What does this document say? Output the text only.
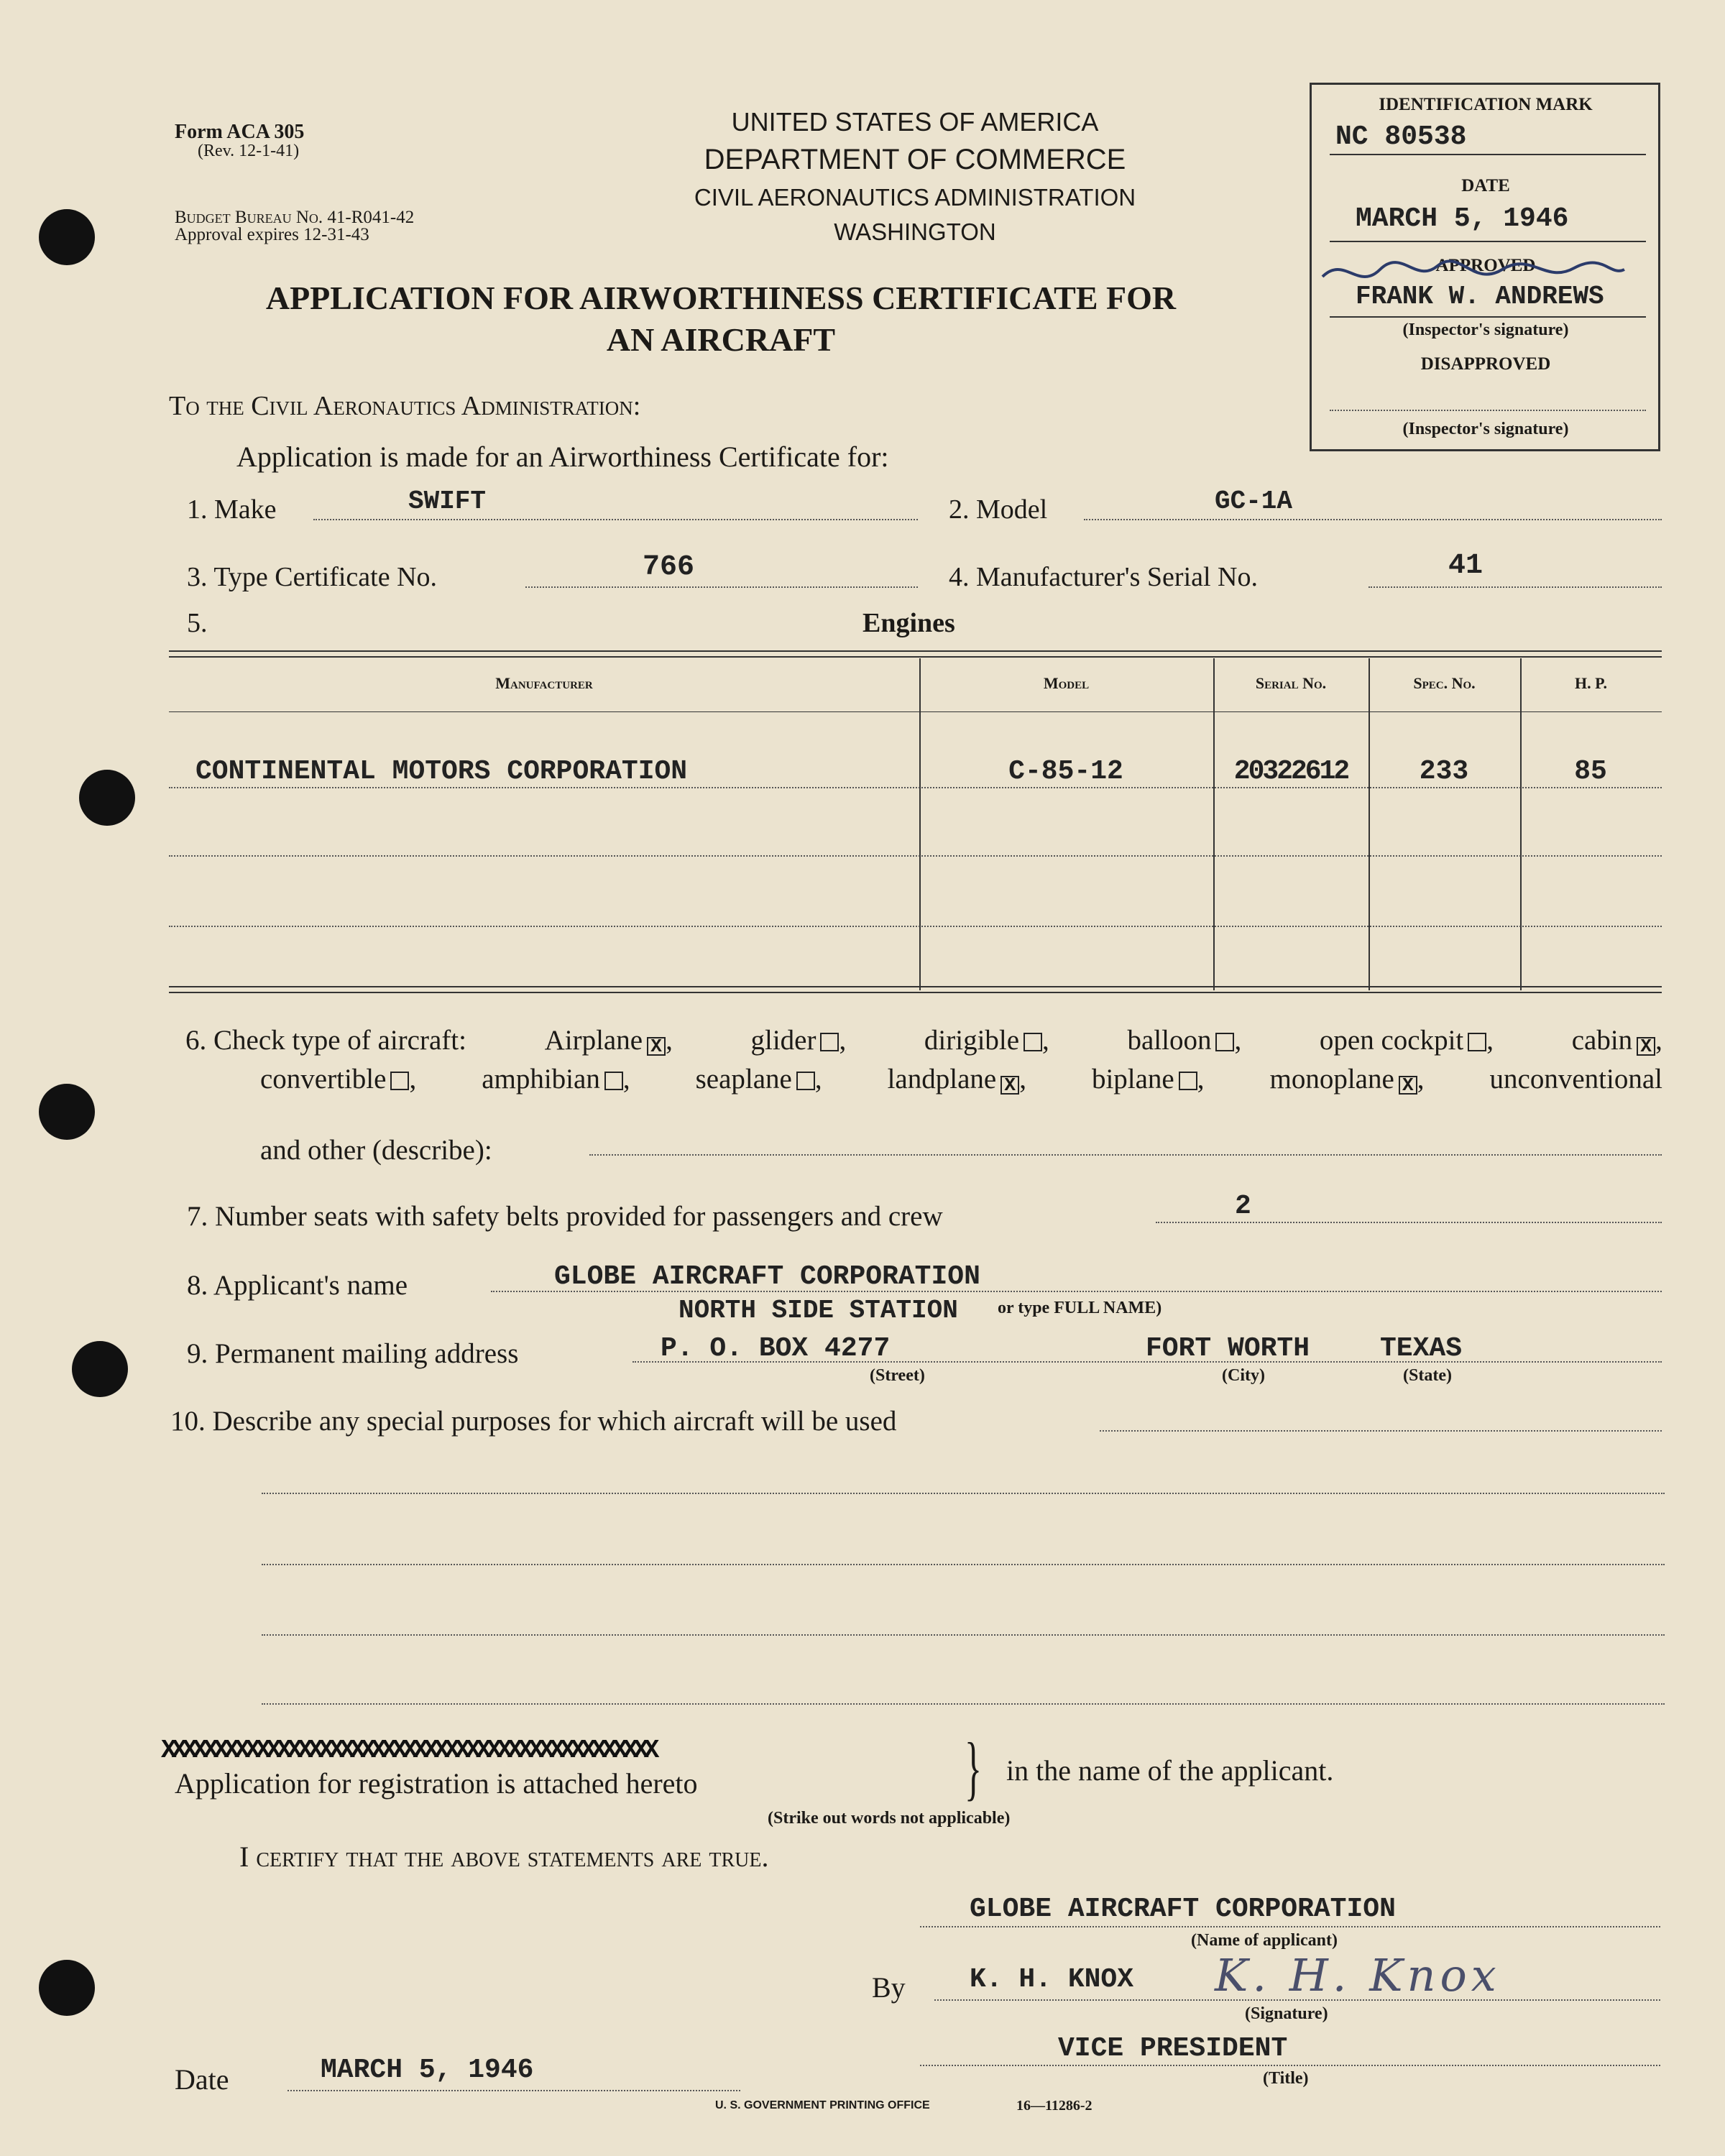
Form ACA 305
(Rev. 12-1-41)
Budget Bureau No. 41-R041-42
Approval expires 12-31-43
UNITED STATES OF AMERICA
DEPARTMENT OF COMMERCE
CIVIL AERONAUTICS ADMINISTRATION
WASHINGTON
APPLICATION FOR AIRWORTHINESS CERTIFICATE FOR
AN AIRCRAFT
IDENTIFICATION MARK
NC 80538
DATE
MARCH 5, 1946
APPROVED
FRANK W. ANDREWS
(Inspector's signature)
DISAPPROVED
(Inspector's signature)
To the Civil Aeronautics Administration:
Application is made for an Airworthiness Certificate for:
1. Make	SWIFT	2. Model	GC-1A
3. Type Certificate No.	766	4. Manufacturer's Serial No.	41
5.	Engines
Manufacturer	Model	Serial No.	Spec. No.	H. P.
CONTINENTAL MOTORS CORPORATION	C-85-12	20322612	233	85
6. Check type of aircraft:	Airplane X ,	glider ,	dirigible ,	balloon ,	open cockpit ,	cabin X ,
convertible , amphibian , seaplane , landplane X , biplane , monoplane X , unconventional
and other (describe):
7. Number seats with safety belts provided for passengers and crew	2
8. Applicant's name	GLOBE AIRCRAFT CORPORATION
or type FULL NAME)
NORTH SIDE STATION
9. Permanent mailing address	P. O. BOX 4277	FORT WORTH	TEXAS
(Street)	(City)	(State)
10. Describe any special purposes for which aircraft will be used
XXXXXXXXXXXXXXXXXXXXXXXXXXXXXXXXXXXXXXXXXXXXXXX
Application for registration is attached hereto	} in the name of the applicant.
(Strike out words not applicable)
I certify that the above statements are true.
GLOBE AIRCRAFT CORPORATION
(Name of applicant)
By K. H. KNOX K. H. Knox
(Signature)
VICE PRESIDENT
(Title)
Date	MARCH 5, 1946
U. S. GOVERNMENT PRINTING OFFICE	16—11286-2
